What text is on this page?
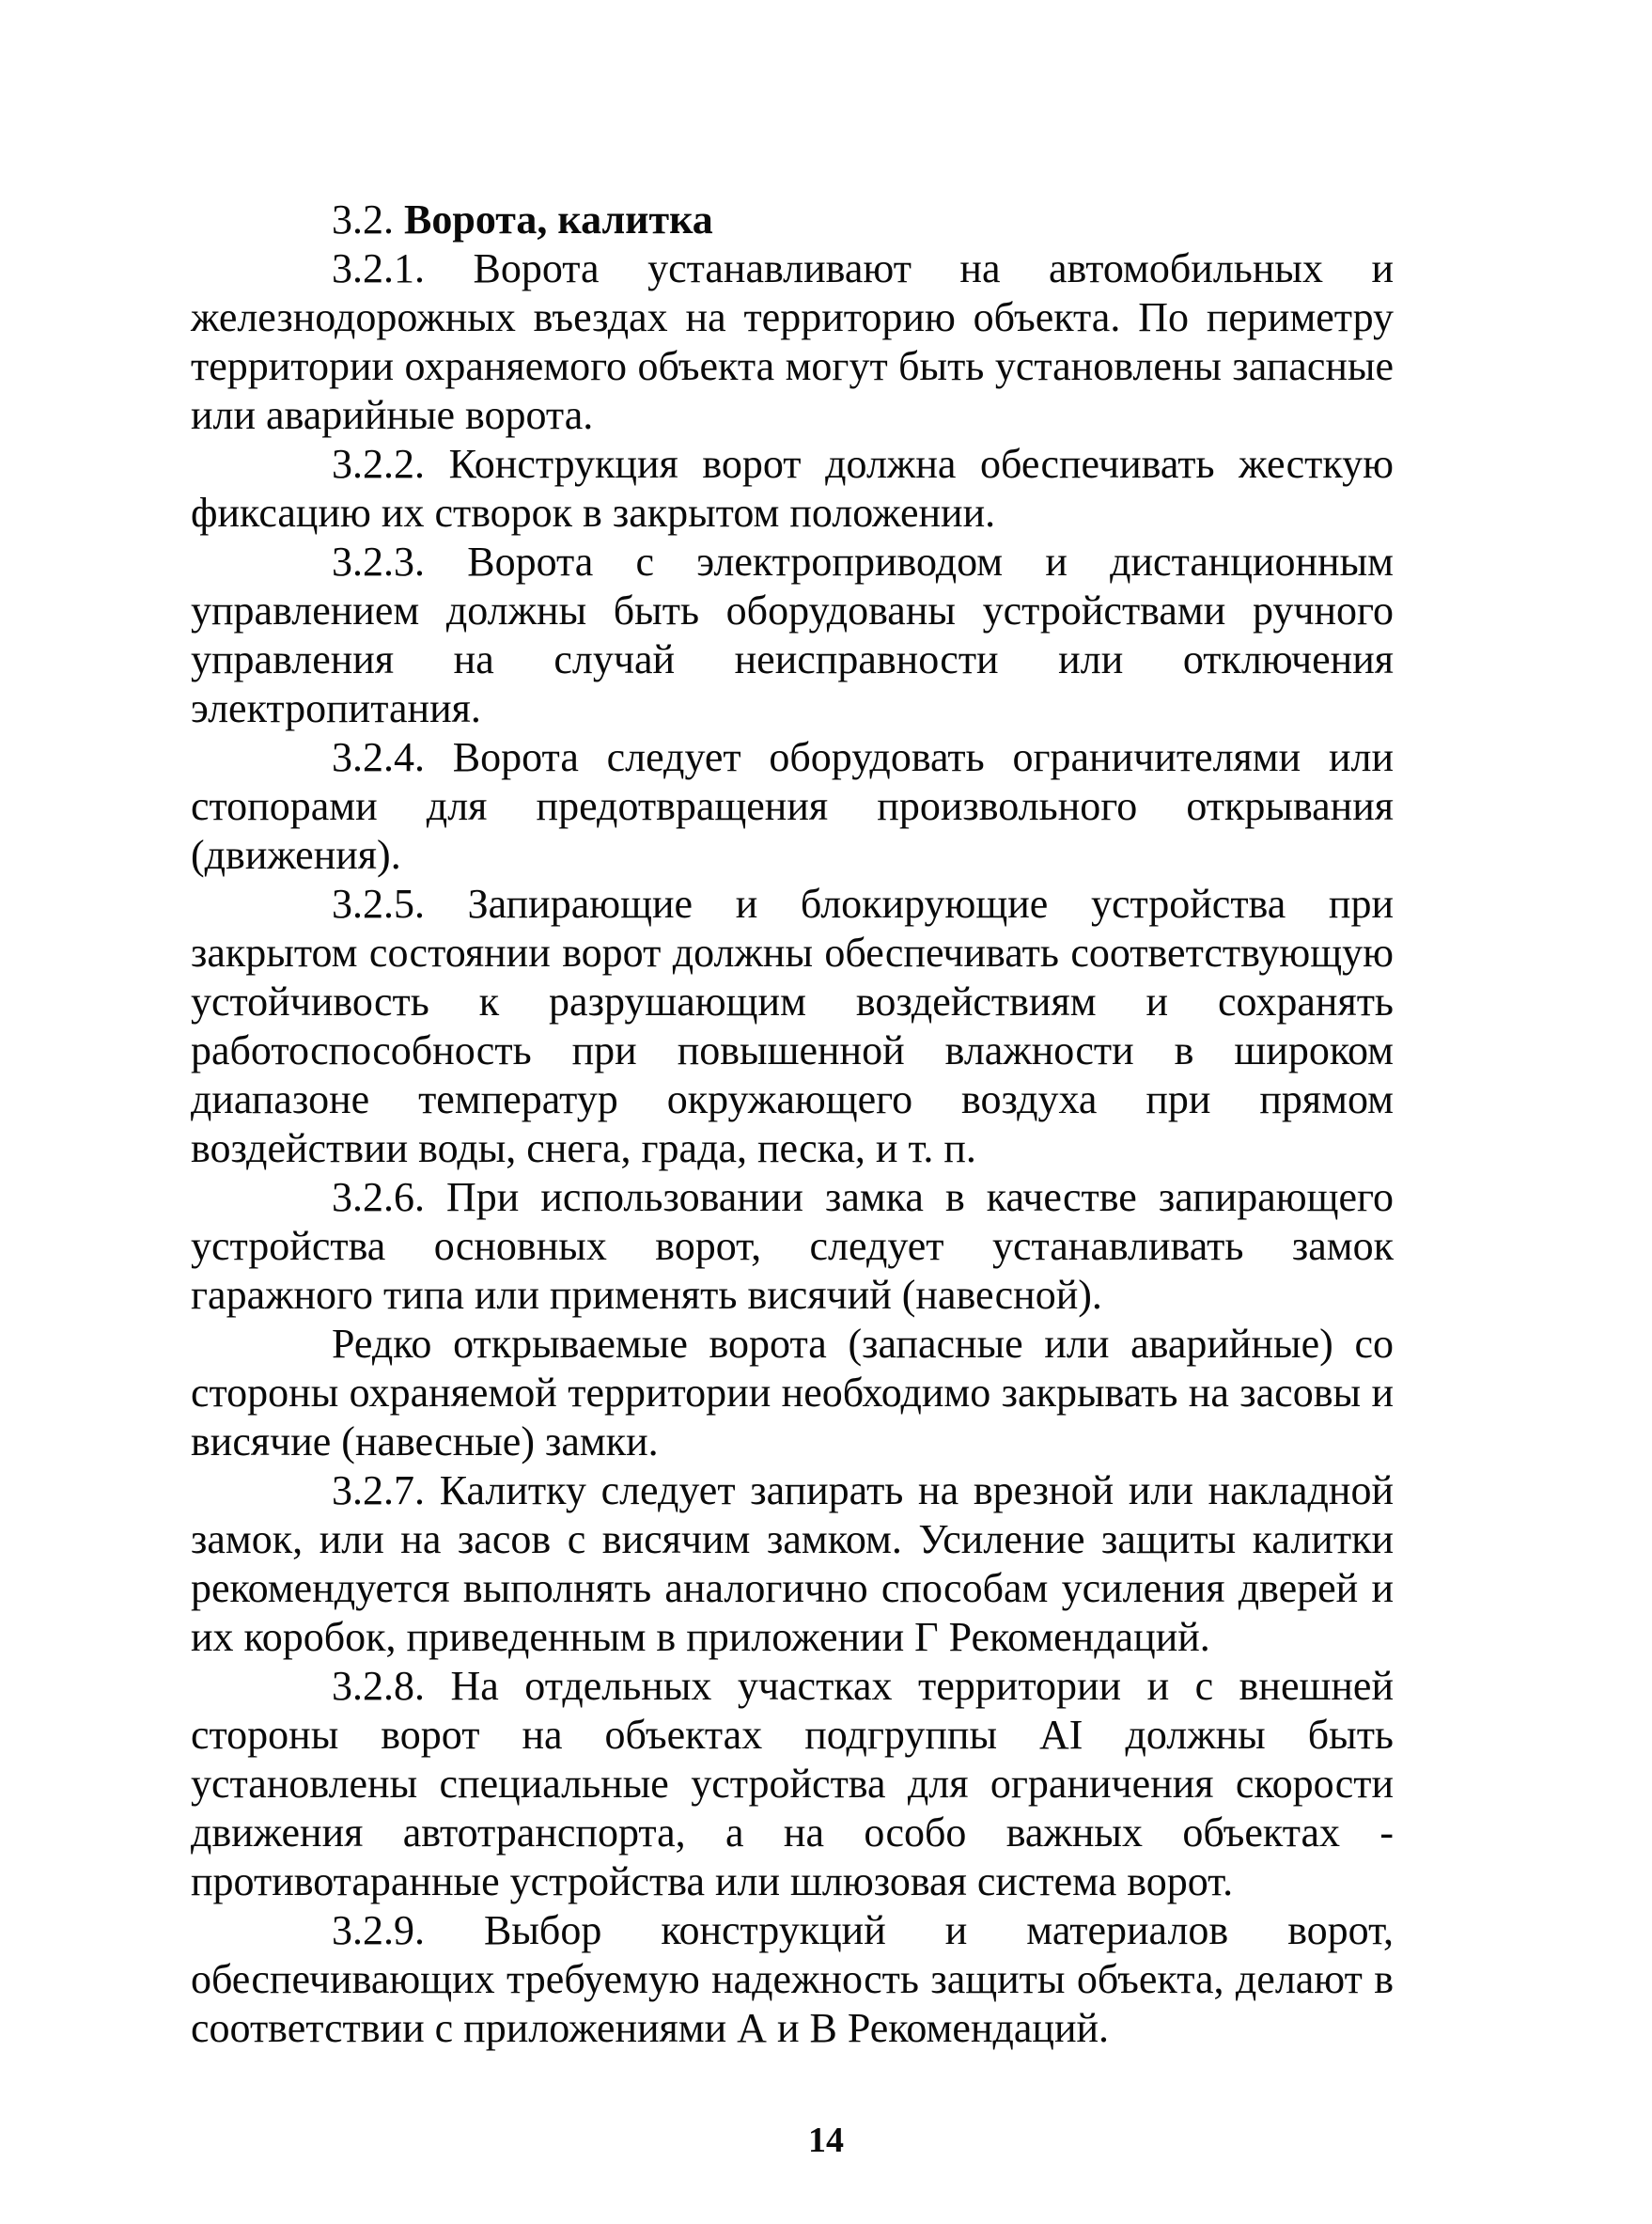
3.2. Ворота, калитка

3.2.1. Ворота устанавливают на автомобильных и железнодорожных въездах на территорию объекта. По периметру территории охраняемого объекта могут быть установлены запасные или аварийные ворота.

3.2.2. Конструкция ворот должна обеспечивать жесткую фиксацию их створок в закрытом положении.

3.2.3. Ворота с электроприводом и дистанционным управлением должны быть оборудованы устройствами ручного управления на случай неисправности или отключения электропитания.

3.2.4. Ворота следует оборудовать ограничителями или стопорами для предотвращения произвольного открывания (движения).

3.2.5. Запирающие и блокирующие устройства при закрытом состоянии ворот должны обеспечивать соответствующую устойчивость к разрушающим воздействиям и сохранять работоспособность при повышенной влажности в широком диапазоне температур окружающего воздуха при прямом воздействии воды, снега, града, песка, и т. п.

3.2.6. При использовании замка в качестве запирающего устройства основных ворот, следует устанавливать замок гаражного типа или применять висячий (навесной).

Редко открываемые ворота (запасные или аварийные) со стороны охраняемой территории необходимо закрывать на засовы и висячие (навесные) замки.

3.2.7. Калитку следует запирать на врезной или накладной замок, или на засов с висячим замком. Усиление защиты калитки рекомендуется выполнять аналогично способам усиления дверей и их коробок, приведенным в приложении Г Рекомендаций.

3.2.8. На отдельных участках территории и с внешней стороны ворот на объектах подгруппы АI должны быть установлены специальные устройства для ограничения скорости движения автотранспорта, а на особо важных объектах - противотаранные устройства или шлюзовая система ворот.

3.2.9. Выбор конструкций и материалов ворот, обеспечивающих требуемую надежность защиты объекта, делают в соответствии с приложениями А и В Рекомендаций.

14
